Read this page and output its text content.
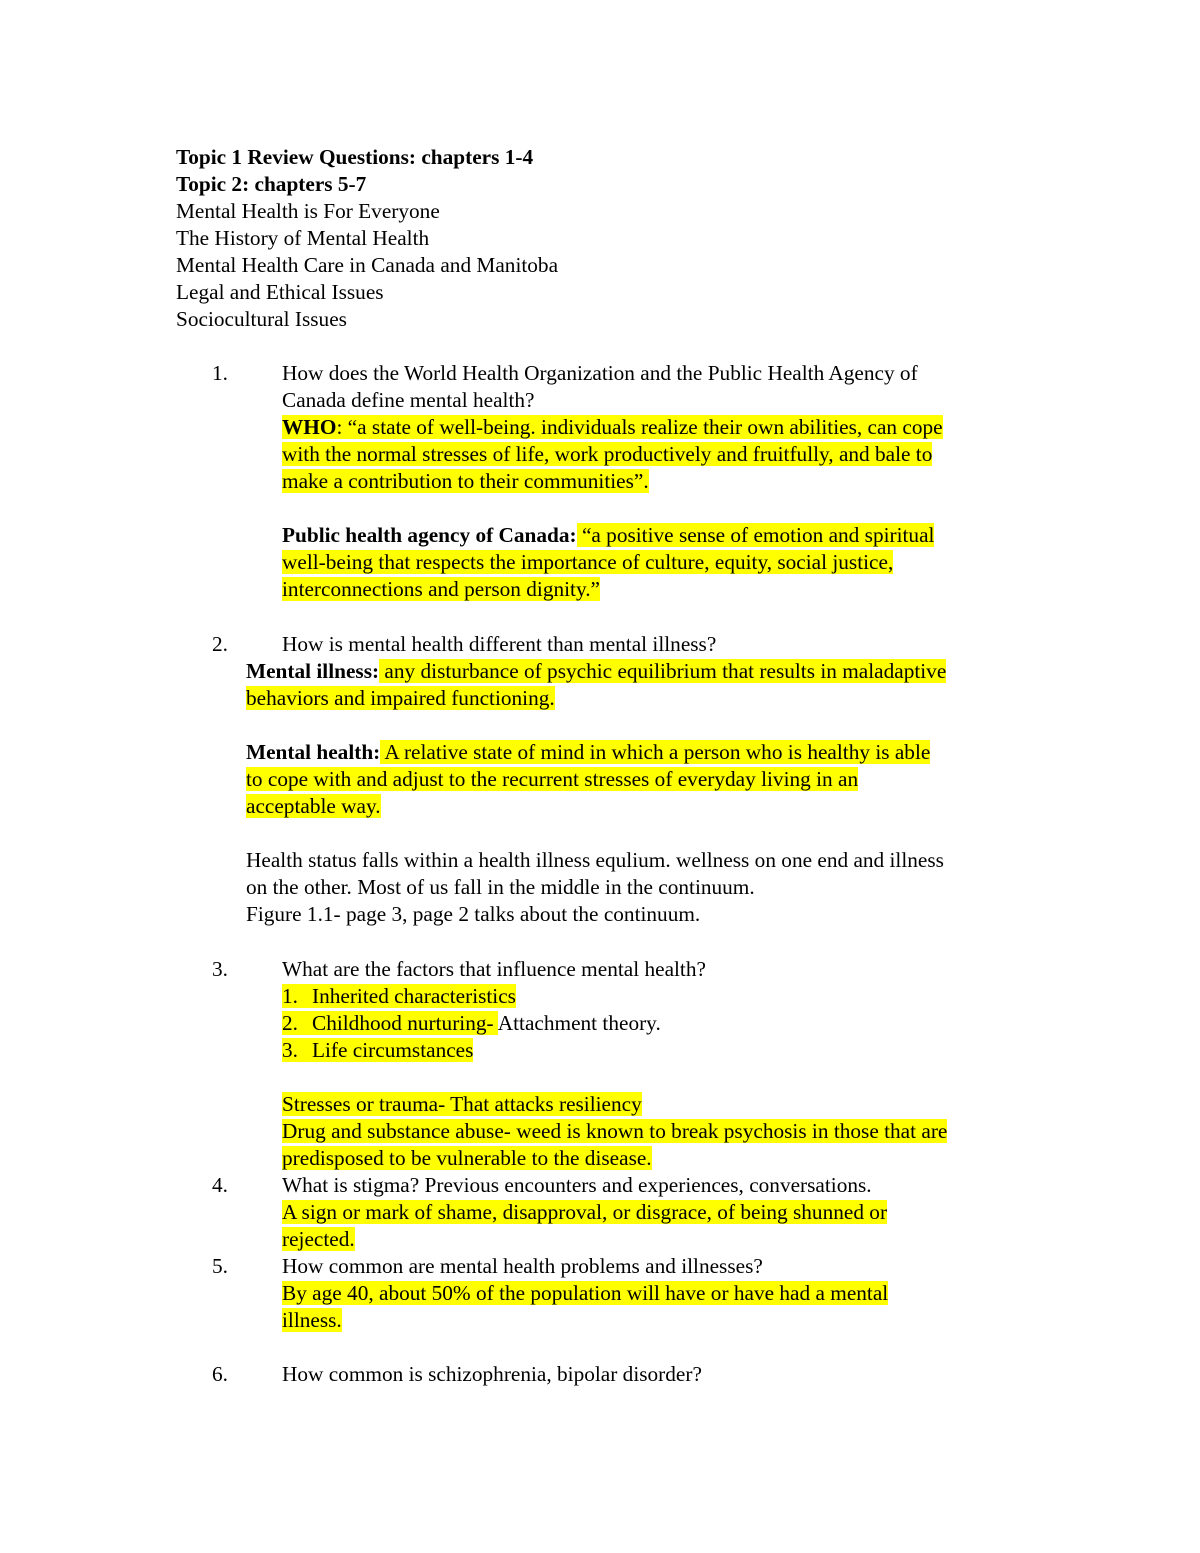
Topic 1 Review Questions: chapters 1-4
Topic 2: chapters 5-7
Mental Health is For Everyone
The History of Mental Health
Mental Health Care in Canada and Manitoba
Legal and Ethical Issues
Sociocultural Issues
1.	How does the World Health Organization and the Public Health Agency of
Canada define mental health?
WHO: “a state of well-being. individuals realize their own abilities, can cope
with the normal stresses of life, work productively and fruitfully, and bale to
make a contribution to their communities”.
Public health agency of Canada: “a positive sense of emotion and spiritual
well-being that respects the importance of culture, equity, social justice,
interconnections and person dignity.”
2.	How is mental health different than mental illness?
Mental illness: any disturbance of psychic equilibrium that results in maladaptive
behaviors and impaired functioning.
Mental health: A relative state of mind in which a person who is healthy is able
to cope with and adjust to the recurrent stresses of everyday living in an
acceptable way.
Health status falls within a health illness equlium. wellness on one end and illness
on the other. Most of us fall in the middle in the continuum.
Figure 1.1- page 3, page 2 talks about the continuum.
3.	What are the factors that influence mental health?
1. Inherited characteristics
2. Childhood nurturing- Attachment theory.
3. Life circumstances
Stresses or trauma- That attacks resiliency
Drug and substance abuse- weed is known to break psychosis in those that are
predisposed to be vulnerable to the disease.
4.	What is stigma? Previous encounters and experiences, conversations.
A sign or mark of shame, disapproval, or disgrace, of being shunned or
rejected.
5.	How common are mental health problems and illnesses?
By age 40, about 50% of the population will have or have had a mental
illness.
6.	How common is schizophrenia, bipolar disorder?
